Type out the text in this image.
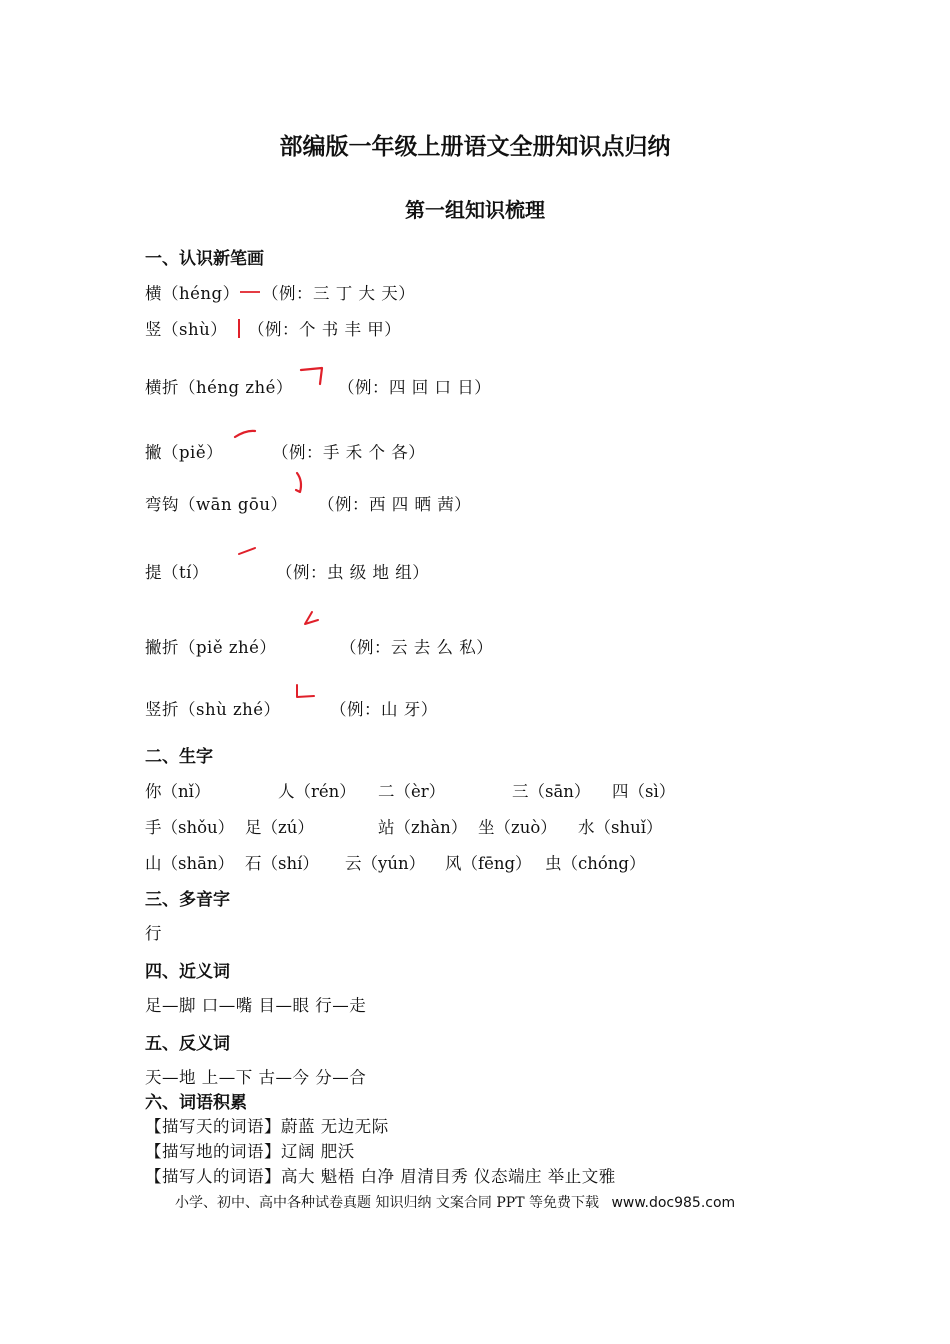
部编版一年级上册语文全册知识点归纳
第一组知识梳理
一、认识新笔画
横（héng） （例：三 丁 大 天）
竖（shù） （例：个 书 丰 甲）
横折（héng zhé）	（例：四 回 口 日）
撇（piě）	（例：手 禾 个 各）
弯钩（wān gōu） （例：西 四 晒 茜）
提（tí）	（例：虫 级 地 组）
撇折（piě zhé）	（例：云 去 么 私）
竖折（shù zhé）	（例：山 牙）
二、生字
你（nǐ）	人（rén） 二（èr）	三（sān） 四（sì）
手（shǒu） 足（zú）	站（zhàn） 坐（zuò） 水（shuǐ）
山（shān） 石（shí） 云（yún） 风（fēng） 虫（chóng）
三、多音字
行
四、近义词
足—脚 口—嘴 目—眼 行—走
五、反义词
天—地 上—下 古—今 分—合
六、词语积累
【描写天的词语】蔚蓝 无边无际
【描写地的词语】辽阔 肥沃
【描写人的词语】高大 魁梧 白净 眉清目秀 仪态端庄 举止文雅
小学、初中、高中各种试卷真题 知识归纳 文案合同 PPT 等免费下载 www.doc985.com
